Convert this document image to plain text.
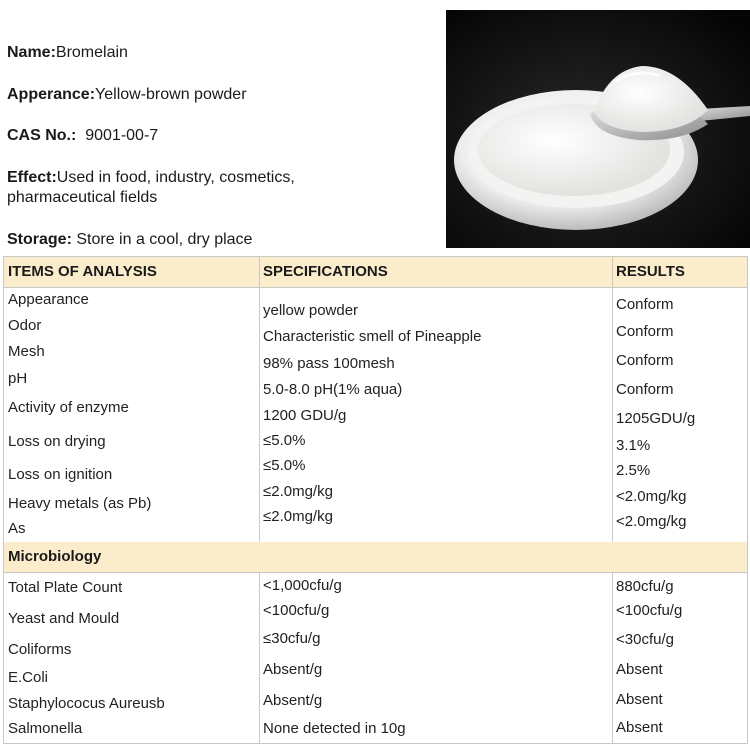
Name:Bromelain
Apperance:Yellow-brown powder
CAS No.: 9001-00-7
Effect:Used in food, industry, cosmetics,
pharmaceutical fields
Storage: Store in a cool, dry place
ITEMS OF ANALYSIS	SPECIFICATIONS	RESULTS
Appearance
Odor
Mesh
pH
Activity of enzyme
Loss on drying
Loss on ignition
Heavy metals (as Pb)
As
yellow powder
Characteristic smell of Pineapple
98% pass 100mesh
5.0-8.0 pH(1% aqua)
1200 GDU/g
≤5.0%
≤5.0%
≤2.0mg/kg
≤2.0mg/kg
Conform
Conform
Conform
Conform
1205GDU/g
3.1%
2.5%
<2.0mg/kg
<2.0mg/kg
Microbiology
Total Plate Count
Yeast and Mould
Coliforms
E.Coli
Staphylococus Aureusb
Salmonella
<1,000cfu/g
<100cfu/g
≤30cfu/g
Absent/g
Absent/g
None detected in 10g
880cfu/g
<100cfu/g
<30cfu/g
Absent
Absent
Absent
